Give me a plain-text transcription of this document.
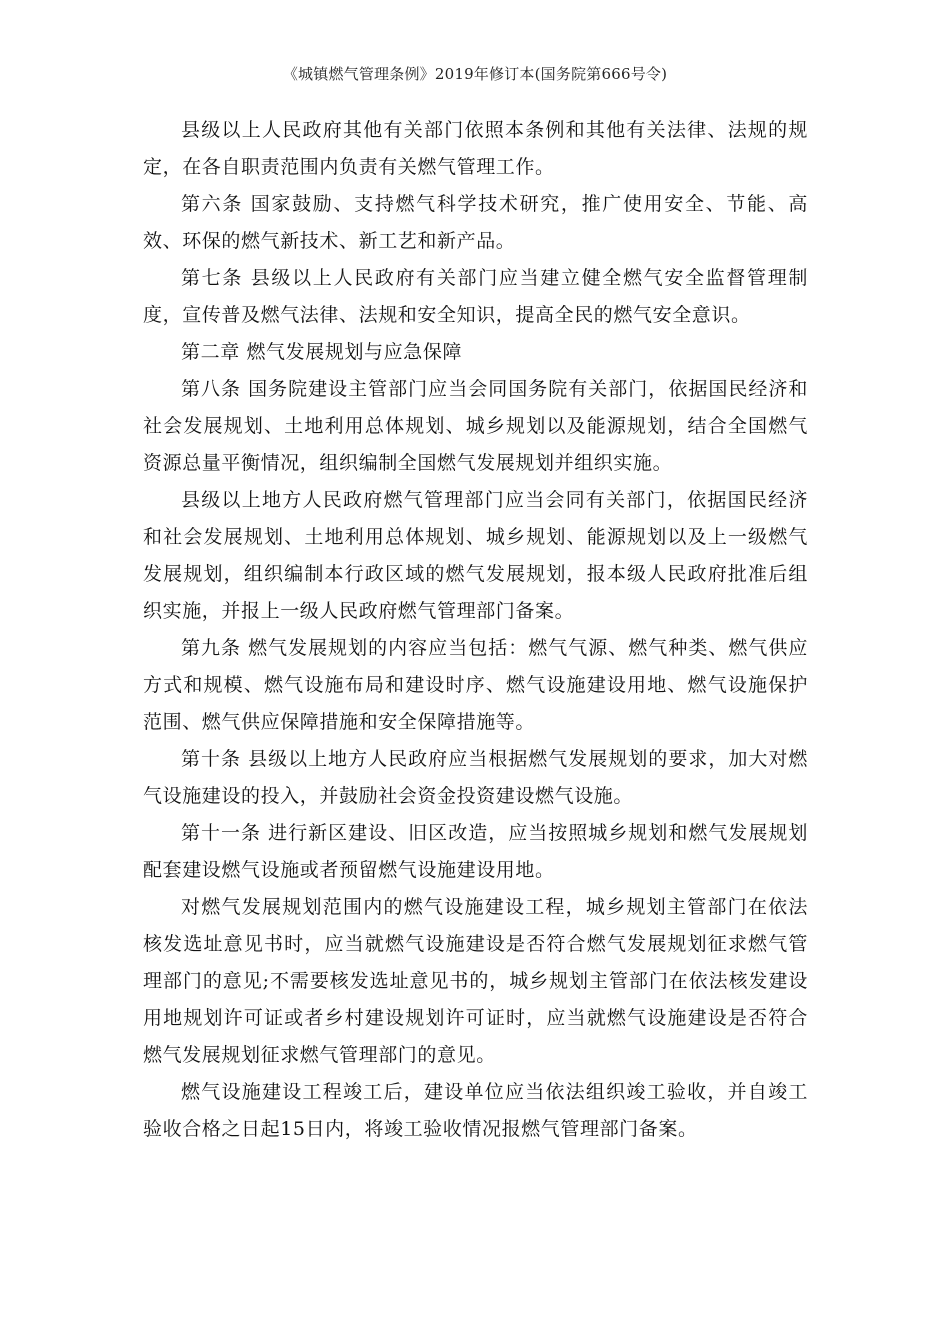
《城镇燃气管理条例》2019年修订本(国务院第666号令)

县级以上人民政府其他有关部门依照本条例和其他有关法律、法规的规定，在各自职责范围内负责有关燃气管理工作。

第六条 国家鼓励、支持燃气科学技术研究，推广使用安全、节能、高效、环保的燃气新技术、新工艺和新产品。

第七条 县级以上人民政府有关部门应当建立健全燃气安全监督管理制度，宣传普及燃气法律、法规和安全知识，提高全民的燃气安全意识。

第二章 燃气发展规划与应急保障

第八条 国务院建设主管部门应当会同国务院有关部门，依据国民经济和社会发展规划、土地利用总体规划、城乡规划以及能源规划，结合全国燃气资源总量平衡情况，组织编制全国燃气发展规划并组织实施。

县级以上地方人民政府燃气管理部门应当会同有关部门，依据国民经济和社会发展规划、土地利用总体规划、城乡规划、能源规划以及上一级燃气发展规划，组织编制本行政区域的燃气发展规划，报本级人民政府批准后组织实施，并报上一级人民政府燃气管理部门备案。

第九条 燃气发展规划的内容应当包括：燃气气源、燃气种类、燃气供应方式和规模、燃气设施布局和建设时序、燃气设施建设用地、燃气设施保护范围、燃气供应保障措施和安全保障措施等。

第十条 县级以上地方人民政府应当根据燃气发展规划的要求，加大对燃气设施建设的投入，并鼓励社会资金投资建设燃气设施。

第十一条 进行新区建设、旧区改造，应当按照城乡规划和燃气发展规划配套建设燃气设施或者预留燃气设施建设用地。

对燃气发展规划范围内的燃气设施建设工程，城乡规划主管部门在依法核发选址意见书时，应当就燃气设施建设是否符合燃气发展规划征求燃气管理部门的意见;不需要核发选址意见书的，城乡规划主管部门在依法核发建设用地规划许可证或者乡村建设规划许可证时，应当就燃气设施建设是否符合燃气发展规划征求燃气管理部门的意见。

燃气设施建设工程竣工后，建设单位应当依法组织竣工验收，并自竣工验收合格之日起15日内，将竣工验收情况报燃气管理部门备案。
